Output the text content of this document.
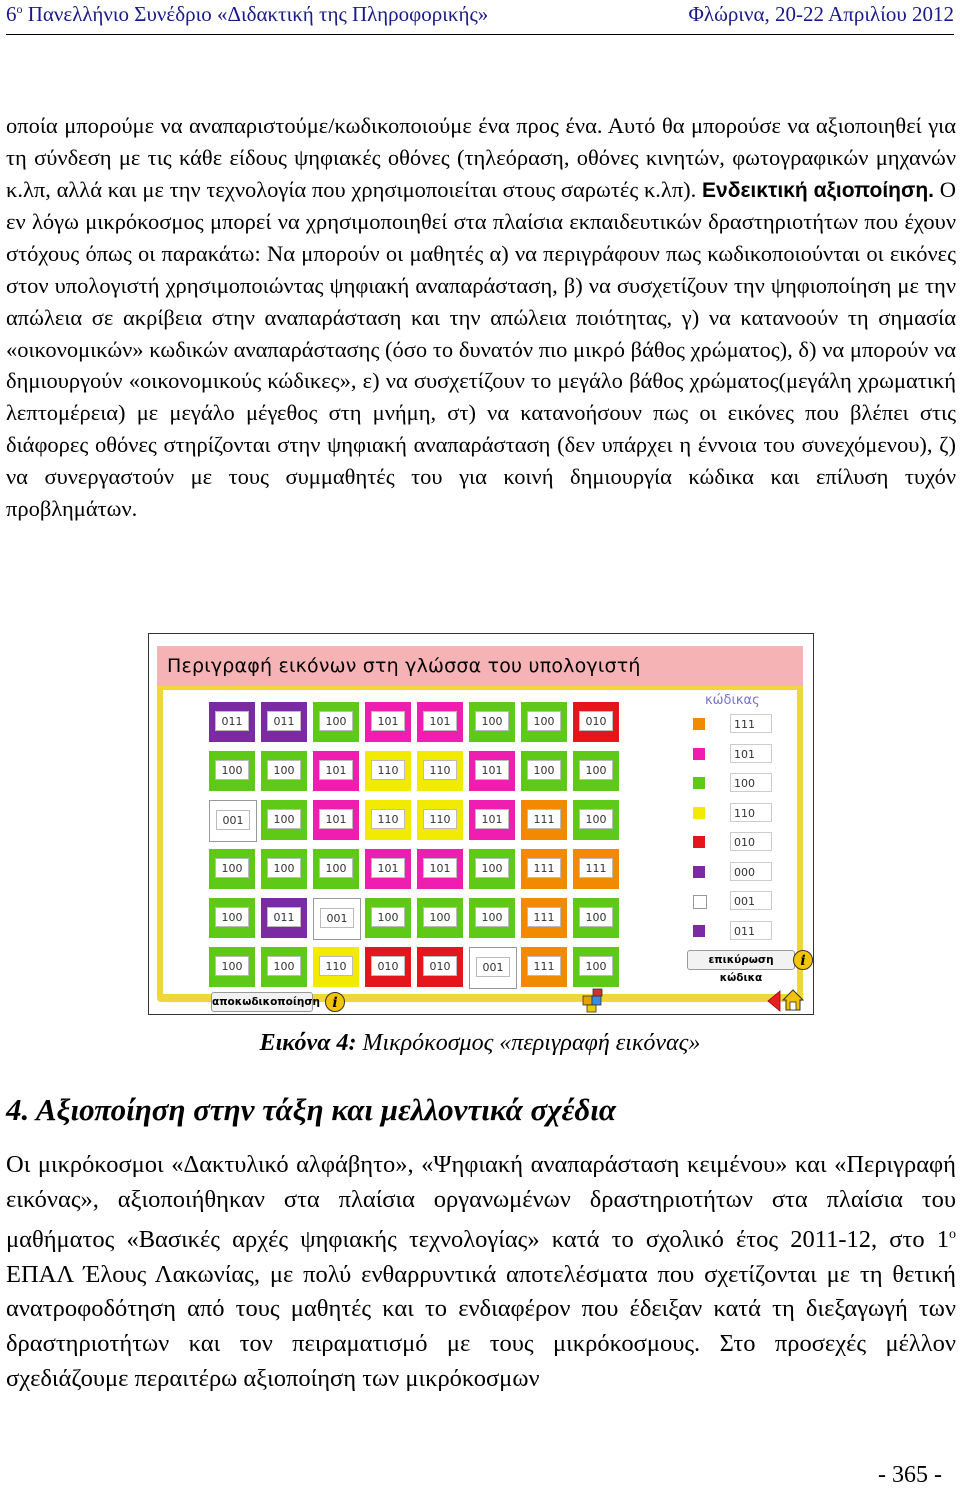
$6^o$ Πανελλήνιο Συνέδριο «Διδακτική της Πληροφορικής»	Φλώρινα, 20-22 Απριλίου 2012
οποία μπορούμε να αναπαριστούμε/κωδικοποιούμε ένα προς ένα. Αυτό θα μπορούσε να αξιοποιηθεί για τη σύνδεση με τις κάθε είδους ψηφιακές οθόνες (τηλεόραση, οθόνες κινητών, φωτογραφικών μηχανών κ.λπ, αλλά και με την τεχνολογία που χρησιμοποιείται στους σαρωτές κ.λπ). Ενδεικτική αξιοποίηση. Ο εν λόγω μικρόκοσμος μπορεί να χρησιμοποιηθεί στα πλαίσια εκπαιδευτικών δραστηριοτήτων που έχουν στόχους όπως οι παρακάτω: Να μπορούν οι μαθητές α) να περιγράφουν πως κωδικοποιούνται οι εικόνες στον υπολογιστή χρησιμοποιώντας ψηφιακή αναπαράσταση, β) να συσχετίζουν την ψηφιοποίηση με την απώλεια σε ακρίβεια στην αναπαράσταση και την απώλεια ποιότητας, γ) να κατανοούν τη σημασία «οικονομικών» κωδικών αναπαράστασης (όσο το δυνατόν πιο μικρό βάθος χρώματος), δ) να μπορούν να δημιουργούν «οικονομικούς κώδικες», ε) να συσχετίζουν το μεγάλο βάθος χρώματος(μεγάλη χρωματική λεπτομέρεια) με μεγάλο μέγεθος στη μνήμη, στ) να κατανοήσουν πως οι εικόνες που βλέπει στις διάφορες οθόνες στηρίζονται στην ψηφιακή αναπαράσταση (δεν υπάρχει η έννοια του συνεχόμενου), ζ) να συνεργαστούν με τους συμμαθητές του για κοινή δημιουργία κώδικα και επίλυση τυχόν προβλημάτων.
Περιγραφή εικόνων στη γλώσσα του υπολογιστή
011	011	100	101	101	100	100	010
100	100	101	110	110	101	100	100
001	100	101	110	110	101	111	100
100	100	100	101	101	100	111	111
100	011	001	100	100	100	111	100
100	100	110	010	010	001	111	100
κώδικας
111
101
100
110
010
000
001
011
επικύρωση κώδικα
i
αποκωδικοποίηση i
Εικόνα 4: Μικρόκοσμος «περιγραφή εικόνας»
4. Αξιοποίηση στην τάξη και μελλοντικά σχέδια
Οι μικρόκοσμοι «Δακτυλικό αλφάβητο», «Ψηφιακή αναπαράσταση κειμένου» και «Περιγραφή εικόνας», αξιοποιήθηκαν στα πλαίσια οργανωμένων δραστηριοτήτων στα πλαίσια του μαθήματος «Βασικές αρχές ψηφιακής τεχνολογίας» κατά το σχολικό έτος 2011-12, στο $1^o$ ΕΠΑΛ Έλους Λακωνίας, με πολύ ενθαρρυντικά αποτελέσματα που σχετίζονται με τη θετική ανατροφοδότηση από τους μαθητές και το ενδιαφέρον που έδειξαν κατά τη διεξαγωγή των δραστηριοτήτων και τον πειραματισμό με τους μικρόκοσμους. Στο προσεχές μέλλον σχεδιάζουμε περαιτέρω αξιοποίηση των μικρόκοσμων
- 365 -
